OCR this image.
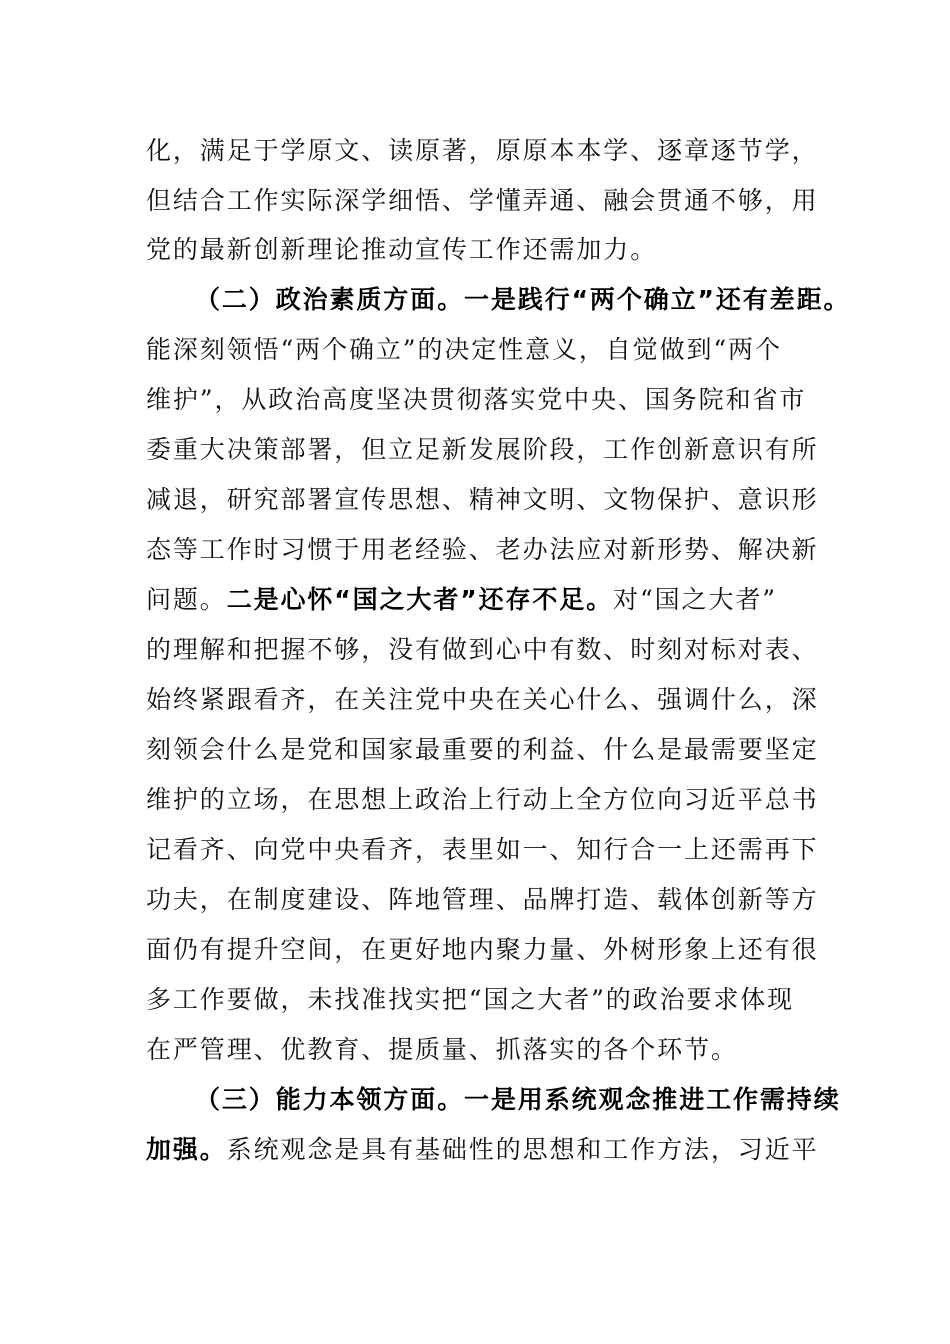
化，满足于学原文、读原著，原原本本学、逐章逐节学，
但结合工作实际深学细悟、学懂弄通、融会贯通不够，用
党的最新创新理论推动宣传工作还需加力。
（二）政治素质方面。一是践行“两个确立”还有差距。
能深刻领悟“两个确立”的决定性意义，自觉做到“两个
维护”，从政治高度坚决贯彻落实党中央、国务院和省市
委重大决策部署，但立足新发展阶段，工作创新意识有所
减退，研究部署宣传思想、精神文明、文物保护、意识形
态等工作时习惯于用老经验、老办法应对新形势、解决新
问题。二是心怀“国之大者”还存不足。对“国之大者”
的理解和把握不够，没有做到心中有数、时刻对标对表、
始终紧跟看齐，在关注党中央在关心什么、强调什么，深
刻领会什么是党和国家最重要的利益、什么是最需要坚定
维护的立场，在思想上政治上行动上全方位向习近平总书
记看齐、向党中央看齐，表里如一、知行合一上还需再下
功夫，在制度建设、阵地管理、品牌打造、载体创新等方
面仍有提升空间，在更好地内聚力量、外树形象上还有很
多工作要做，未找准找实把“国之大者”的政治要求体现
在严管理、优教育、提质量、抓落实的各个环节。
（三）能力本领方面。一是用系统观念推进工作需持续
加强。系统观念是具有基础性的思想和工作方法，习近平
